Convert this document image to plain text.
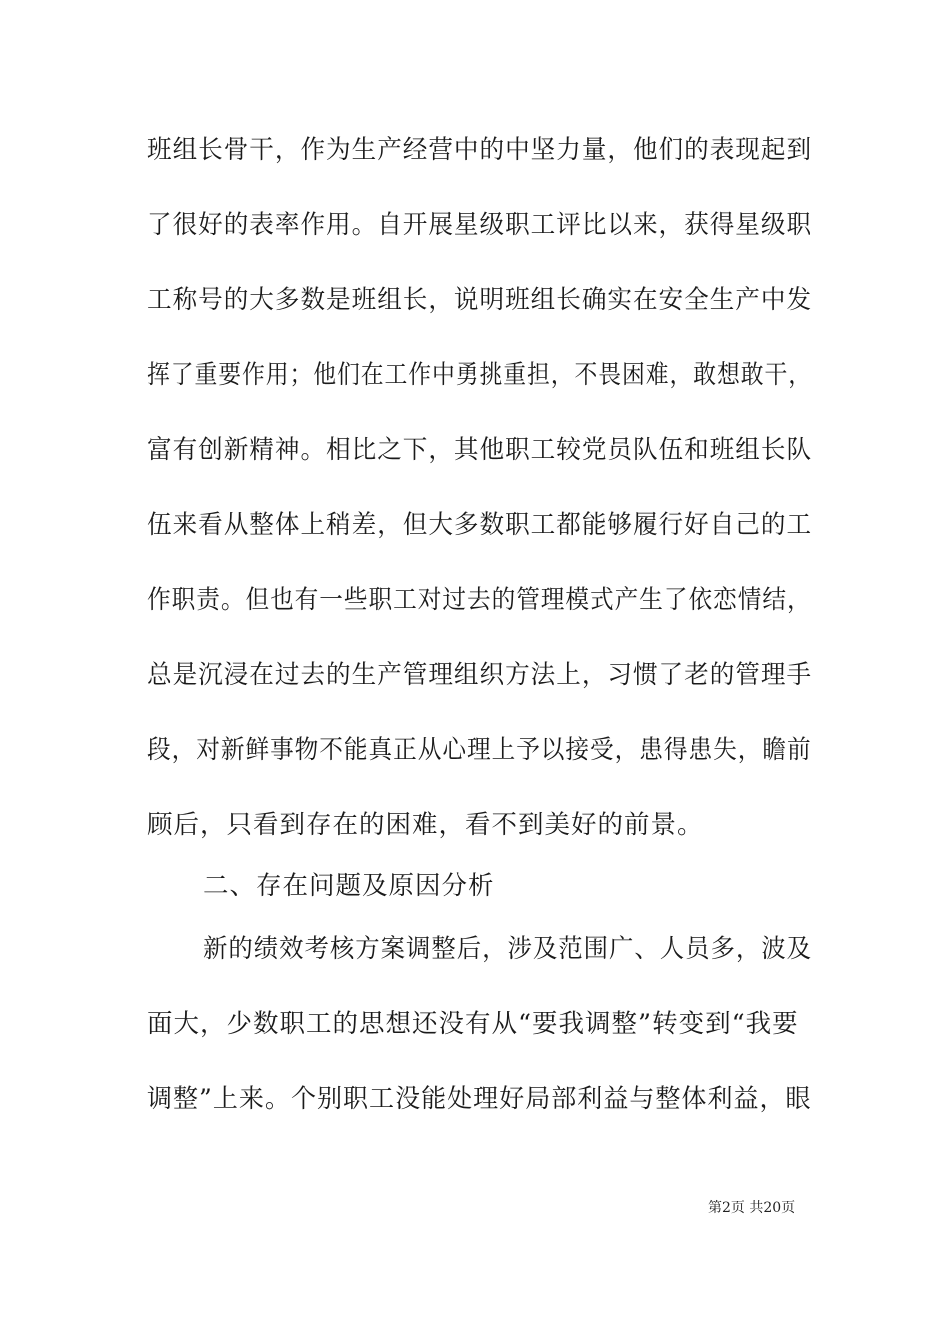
班组长骨干，作为生产经营中的中坚力量，他们的表现起到
了很好的表率作用。自开展星级职工评比以来，获得星级职
工称号的大多数是班组长，说明班组长确实在安全生产中发
挥了重要作用；他们在工作中勇挑重担，不畏困难，敢想敢干，
富有创新精神。相比之下，其他职工较党员队伍和班组长队
伍来看从整体上稍差，但大多数职工都能够履行好自己的工
作职责。但也有一些职工对过去的管理模式产生了依恋情结，
总是沉浸在过去的生产管理组织方法上，习惯了老的管理手
段，对新鲜事物不能真正从心理上予以接受，患得患失，瞻前
顾后，只看到存在的困难，看不到美好的前景。
二、存在问题及原因分析
新的绩效考核方案调整后，涉及范围广、人员多，波及
面大，少数职工的思想还没有从“要我调整”转变到“我要
调整”上来。个别职工没能处理好局部利益与整体利益，眼
第2页 共20页
